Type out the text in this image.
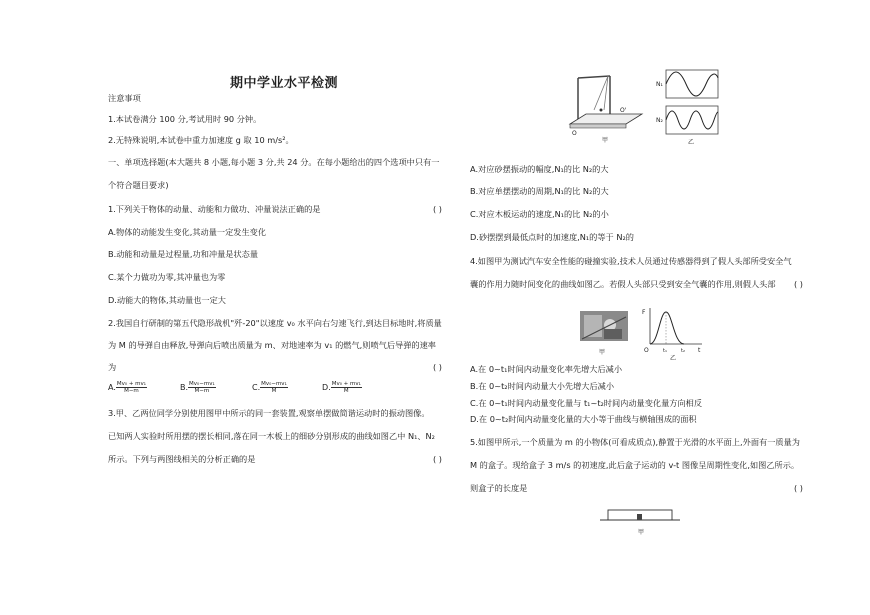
期中学业水平检测
注意事项
1.本试卷满分 100 分,考试用时 90 分钟。
2.无特殊说明,本试卷中重力加速度 g 取 10 m/s²。
一、单项选择题(本大题共 8 小题,每小题 3 分,共 24 分。在每小题给出的四个选项中只有一
个符合题目要求)
1.下列关于物体的动量、动能和力做功、冲量说法正确的是	( )
A.物体的动能发生变化,其动量一定发生变化
B.动能和动量是过程量,功和冲量是状态量
C.某个力做功为零,其冲量也为零
D.动能大的物体,其动量也一定大
2.我国自行研制的第五代隐形战机"歼-20"以速度 v₀ 水平向右匀速飞行,到达目标地时,将质量
为 M 的导弹自由释放,导弹向后喷出质量为 m、对地速率为 v₁ 的燃气,则喷气后导弹的速率
为	( )
A. $\frac{\text{Mv₀ + mv₁}}{M-m}$	B. $\frac{\text{Mv₀−mv₁}}{M-m}$	C. $\frac{\text{Mv₀−mv₁}}{M}$	D. $\frac{\text{Mv₀ + mv₁}}{M}$
3.甲、乙两位同学分别使用图甲中所示的同一套装置,观察单摆做简谐运动时的振动图像。
已知两人实验时所用摆的摆长相同,落在同一木板上的细砂分别形成的曲线如图乙中 N₁、N₂
所示。下列与两图线相关的分析正确的是	( )
O'
O
甲
N₁
N₂
乙
A.对应砂摆振动的幅度,N₁的比 N₂的大
B.对应单摆摆动的周期,N₁的比 N₂的大
C.对应木板运动的速度,N₁的比 N₂的小
D.砂摆摆到最低点时的加速度,N₁的等于 N₂的
4.如图甲为测试汽车安全性能的碰撞实验,技术人员通过传感器得到了假人头部所受安全气
囊的作用力随时间变化的曲线如图乙。若假人头部只受到安全气囊的作用,则假人头部 ( )
甲
F
t
O	t₁	t₂
乙
A.在 0~t₁时间内动量变化率先增大后减小
B.在 0~t₂时间内动量大小先增大后减小
C.在 0~t₁时间内动量变化量与 t₁~t₂时间内动量变化量方向相反
D.在 0~t₂时间内动量变化量的大小等于曲线与横轴围成的面积
5.如图甲所示,一个质量为 m 的小物体(可看成质点),静置于光滑的水平面上,外面有一质量为
M 的盒子。现给盒子 3 m/s 的初速度,此后盒子运动的 v-t 图像呈周期性变化,如图乙所示。
则盒子的长度是	( )
甲
